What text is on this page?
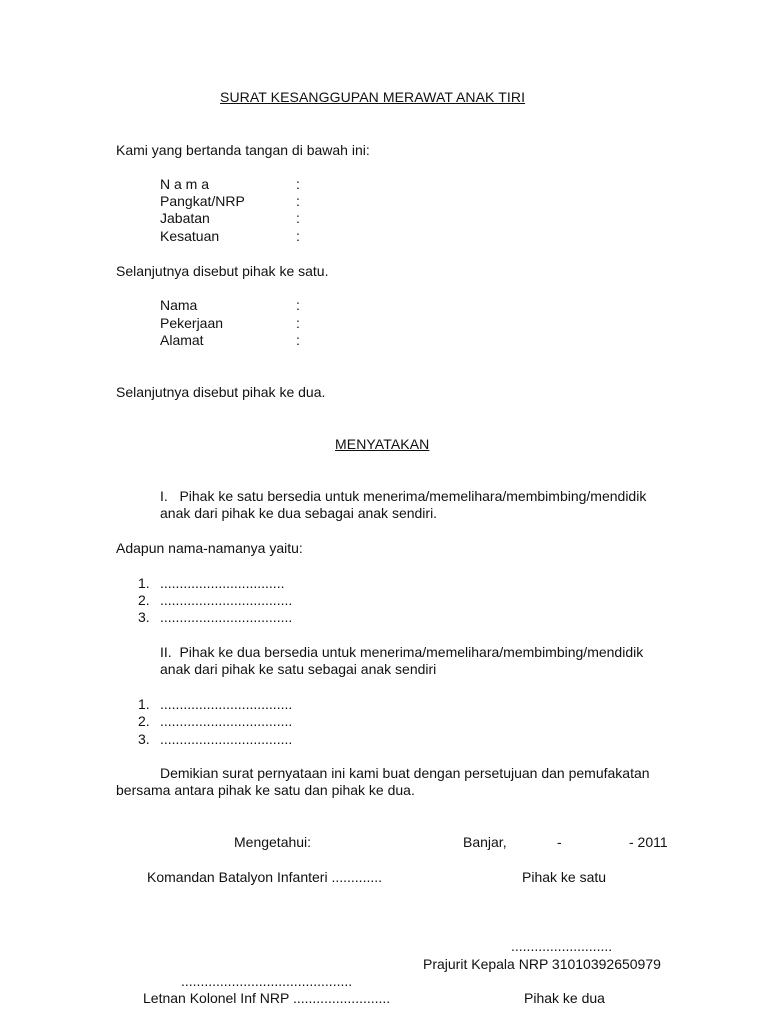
SURAT KESANGGUPAN MERAWAT ANAK TIRI
Kami yang bertanda tangan di bawah ini:
N a m a	:
Pangkat/NRP	:
Jabatan	:
Kesatuan	:
Selanjutnya disebut pihak ke satu.
Nama	:
Pekerjaan	:
Alamat	:
Selanjutnya disebut pihak ke dua.
MENYATAKAN
I.   Pihak ke satu bersedia untuk menerima/memelihara/membimbing/mendidik
anak dari pihak ke dua sebagai anak sendiri.
Adapun nama-namanya yaitu:
1. ................................
2. ..................................
3. ..................................
II.  Pihak ke dua bersedia untuk menerima/memelihara/membimbing/mendidik
anak dari pihak ke satu sebagai anak sendiri
1. ..................................
2. ..................................
3. ..................................
Demikian surat pernyataan ini kami buat dengan persetujuan dan pemufakatan
bersama antara pihak ke satu dan pihak ke dua.
Mengetahui:	Banjar,	-	- 2011
Komandan Batalyon Infanteri .............	Pihak ke satu
..........................
Prajurit Kepala NRP 31010392650979
............................................
Letnan Kolonel Inf NRP .........................	Pihak ke dua
